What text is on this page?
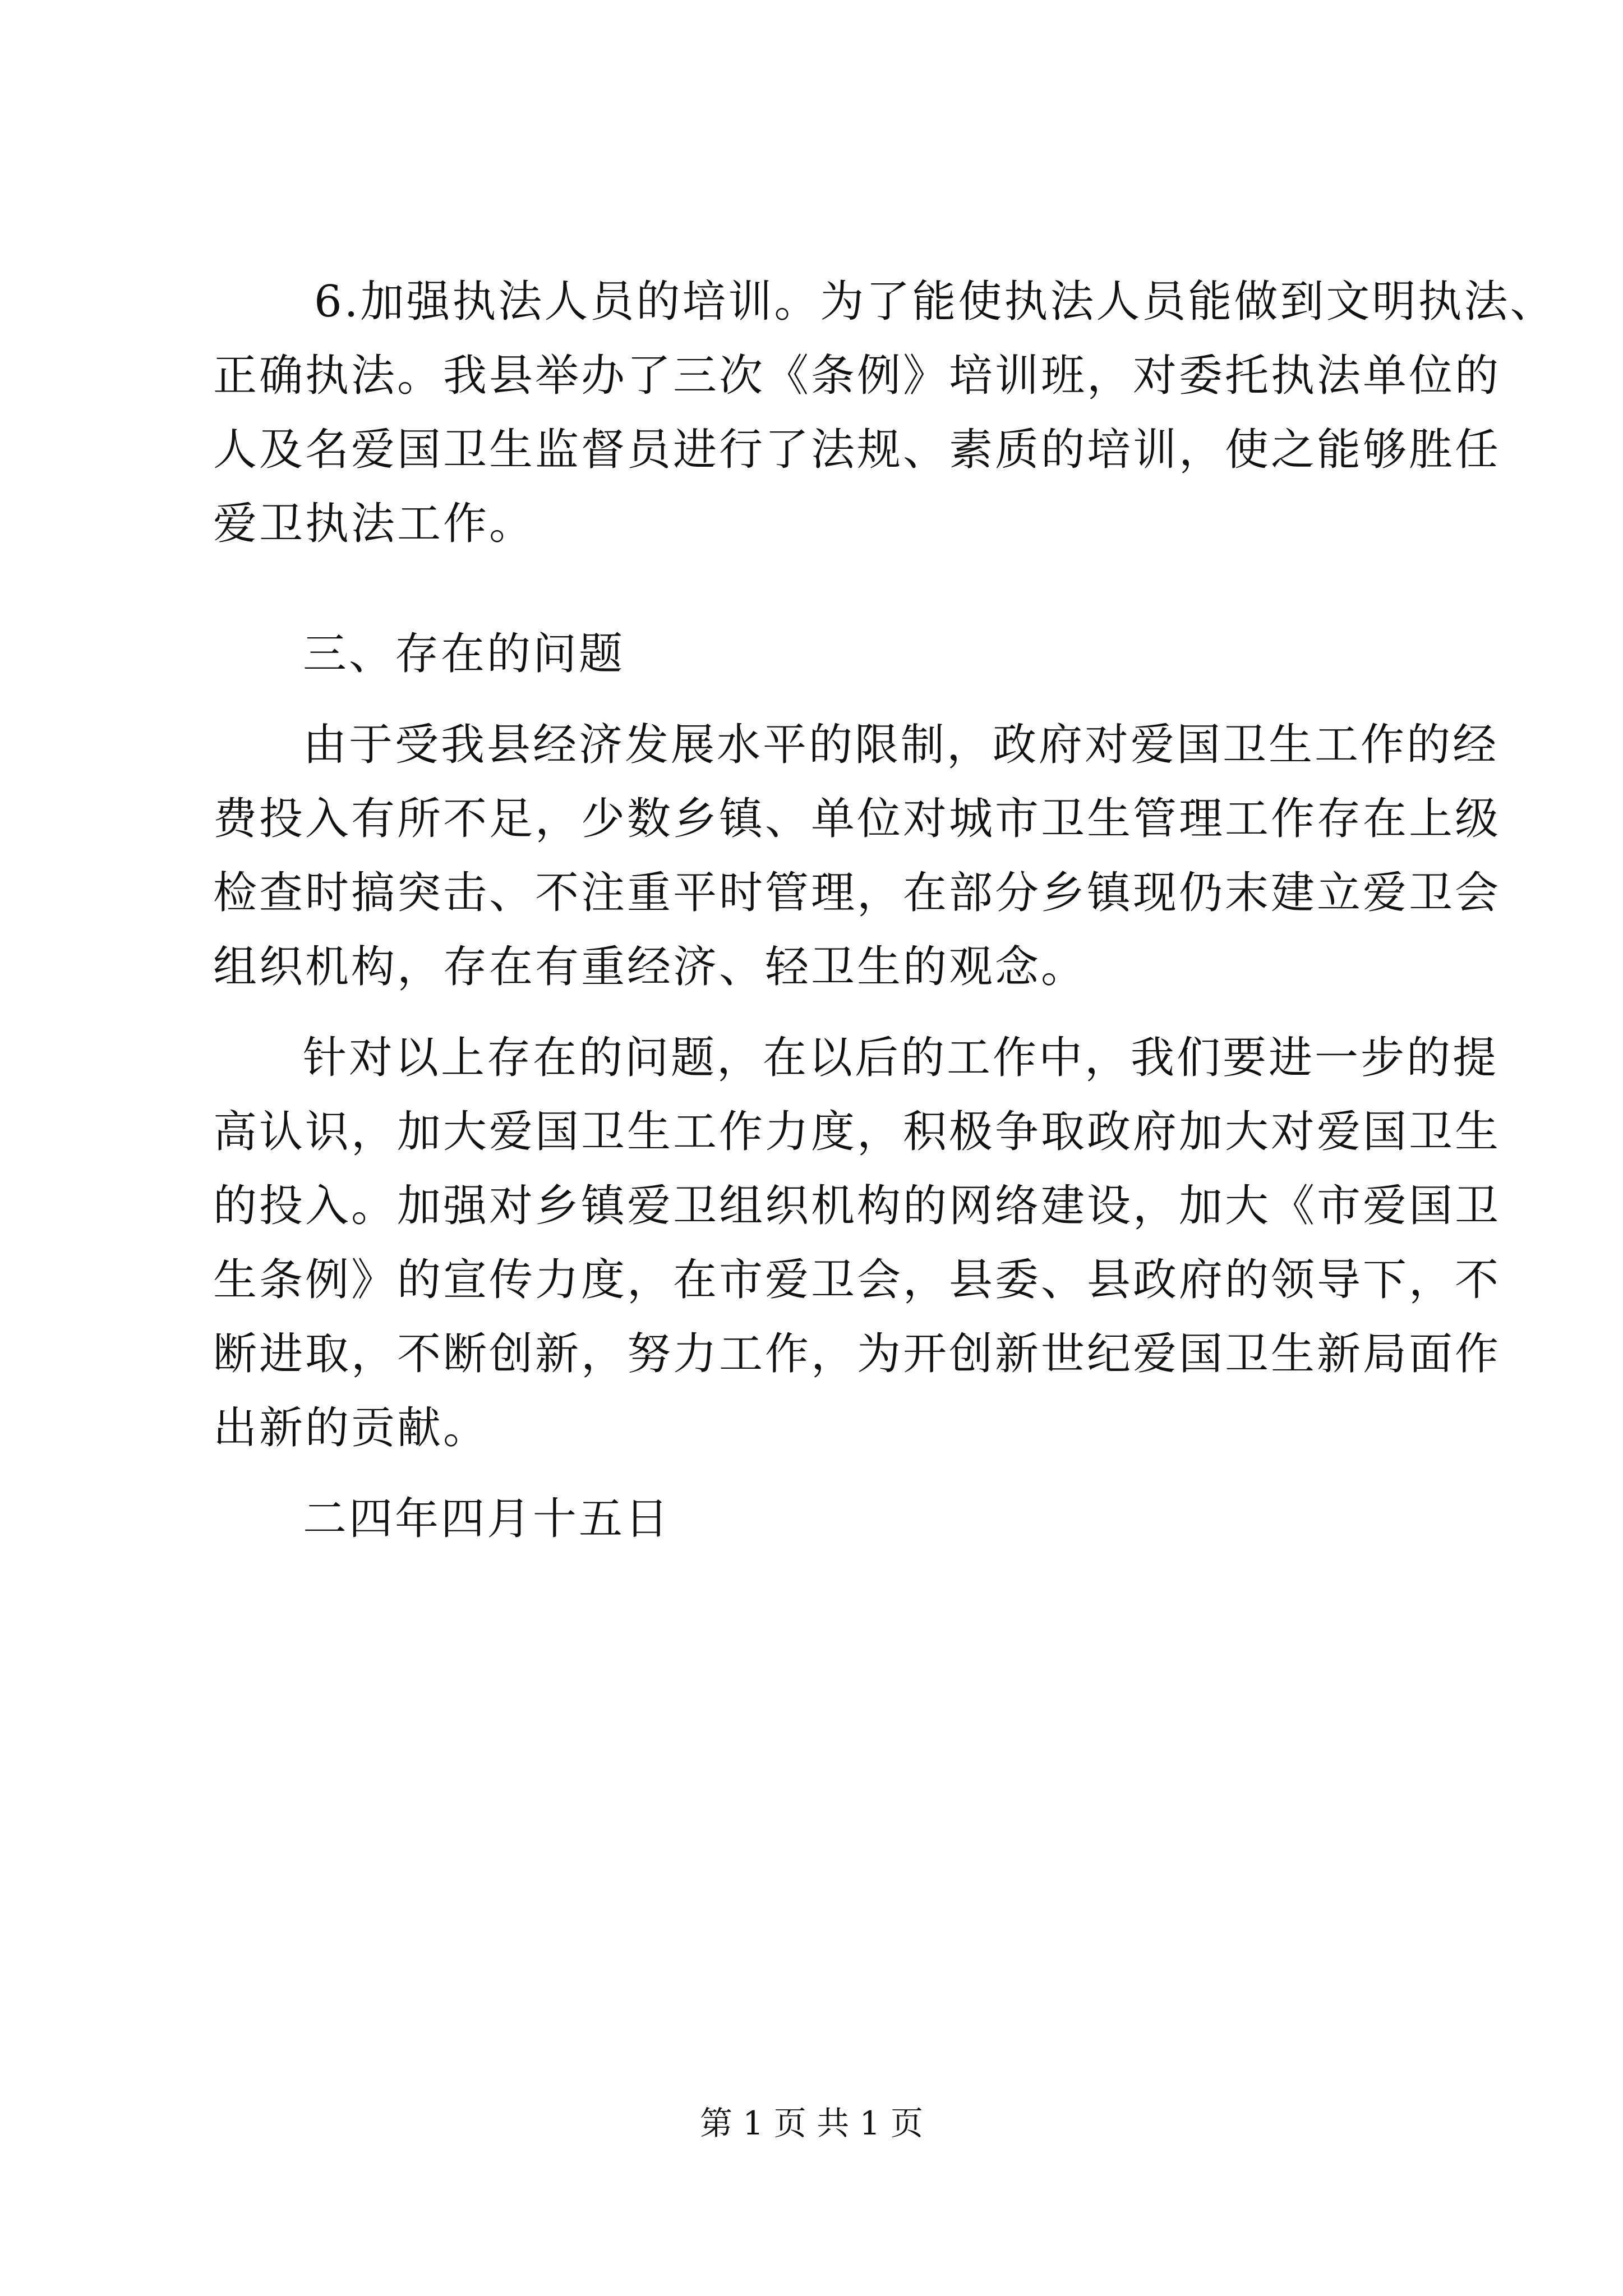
6.加强执法人员的培训。为了能使执法人员能做到文明执法、
正确执法。我县举办了三次《条例》培训班，对委托执法单位的
人及名爱国卫生监督员进行了法规、素质的培训，使之能够胜任
爱卫执法工作。
三、存在的问题
由于受我县经济发展水平的限制，政府对爱国卫生工作的经
费投入有所不足，少数乡镇、单位对城市卫生管理工作存在上级
检查时搞突击、不注重平时管理，在部分乡镇现仍末建立爱卫会
组织机构，存在有重经济、轻卫生的观念。
针对以上存在的问题，在以后的工作中，我们要进一步的提
高认识，加大爱国卫生工作力度，积极争取政府加大对爱国卫生
的投入。加强对乡镇爱卫组织机构的网络建设，加大《市爱国卫
生条例》的宣传力度，在市爱卫会，县委、县政府的领导下，不
断进取，不断创新，努力工作，为开创新世纪爱国卫生新局面作
出新的贡献。
二四年四月十五日
第 1 页 共 1 页
